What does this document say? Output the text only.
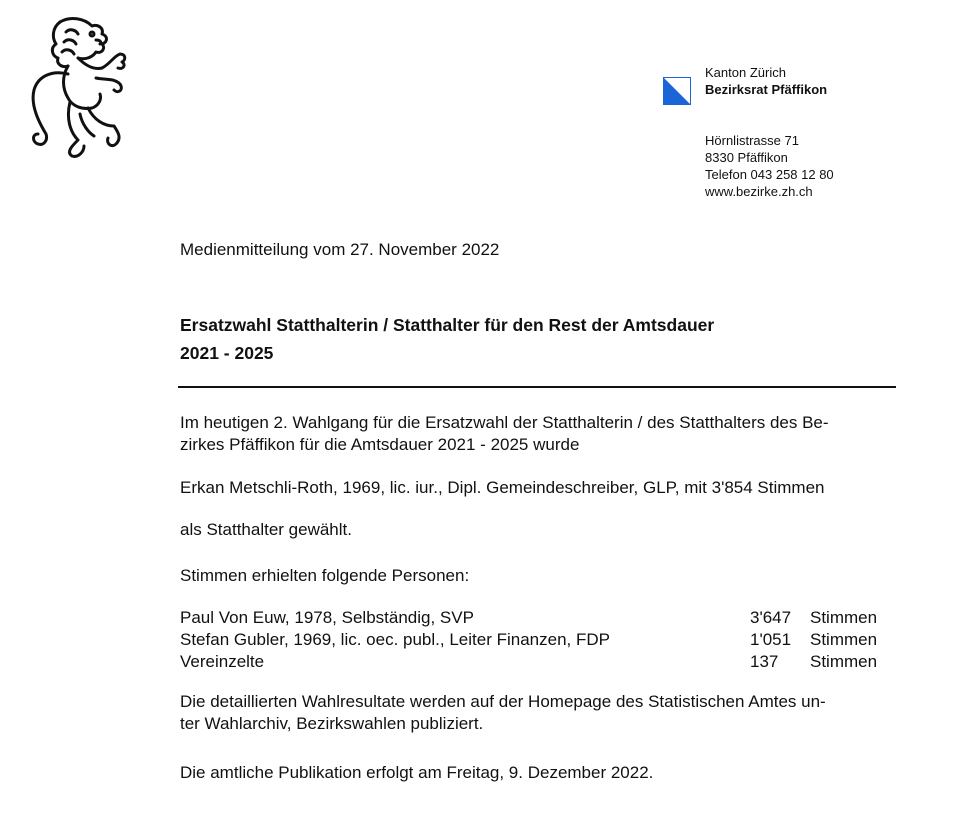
Kanton Zürich
Bezirksrat Pfäffikon
Hörnlistrasse 71
8330 Pfäffikon
Telefon 043 258 12 80
www.bezirke.zh.ch
Medienmitteilung vom 27. November 2022
Ersatzwahl Statthalterin / Statthalter für den Rest der Amtsdauer
2021 - 2025
Im heutigen 2. Wahlgang für die Ersatzwahl der Statthalterin / des Statthalters des Be-
zirkes Pfäffikon für die Amtsdauer 2021 - 2025 wurde
Erkan Metschli-Roth, 1969, lic. iur., Dipl. Gemeindeschreiber, GLP, mit 3'854 Stimmen
als Statthalter gewählt.
Stimmen erhielten folgende Personen:
Paul Von Euw, 1978, Selbständig, SVP	3'647	Stimmen
Stefan Gubler, 1969, lic. oec. publ., Leiter Finanzen, FDP	1'051	Stimmen
Vereinzelte	137	Stimmen
Die detaillierten Wahlresultate werden auf der Homepage des Statistischen Amtes un-
ter Wahlarchiv, Bezirkswahlen publiziert.
Die amtliche Publikation erfolgt am Freitag, 9. Dezember 2022.
